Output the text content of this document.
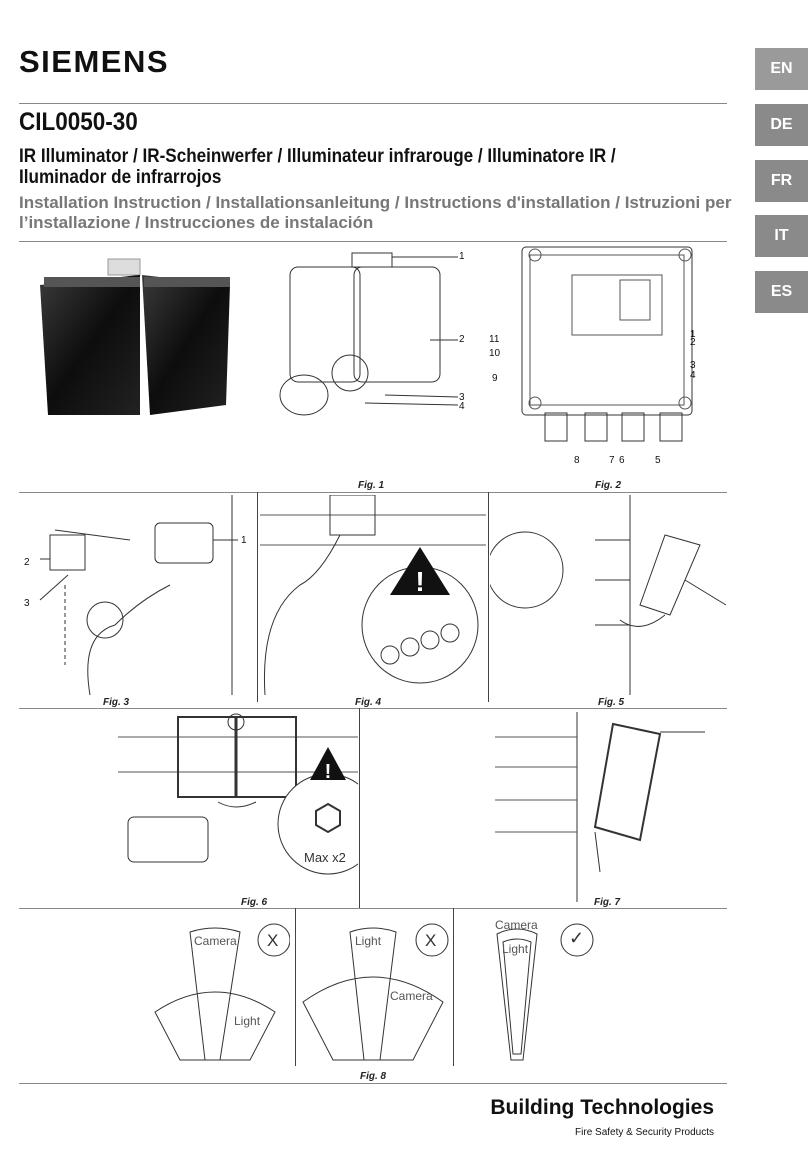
SIEMENS
CIL0050-30
IR Illuminator / IR-Scheinwerfer / Illuminateur infrarouge / Illuminatore IR / Iluminador de infrarrojos
Installation Instruction / Installationsanleitung / Instructions d'installation / Istruzioni per l’installazione / Instrucciones de instalación
EN
DE
FR
IT
ES
1
2
3
4
1
2
3
4
11
10
9
8	7 6	5
Fig. 1	Fig. 2
1
2
3
!
Fig. 3	Fig. 4	Fig. 5
!
Max x2
Fig. 6	Fig. 7
Camera
Light
X	Light
Camera
X
Camera
Light
✓
Fig. 8
Building Technologies
Fire Safety & Security Products
